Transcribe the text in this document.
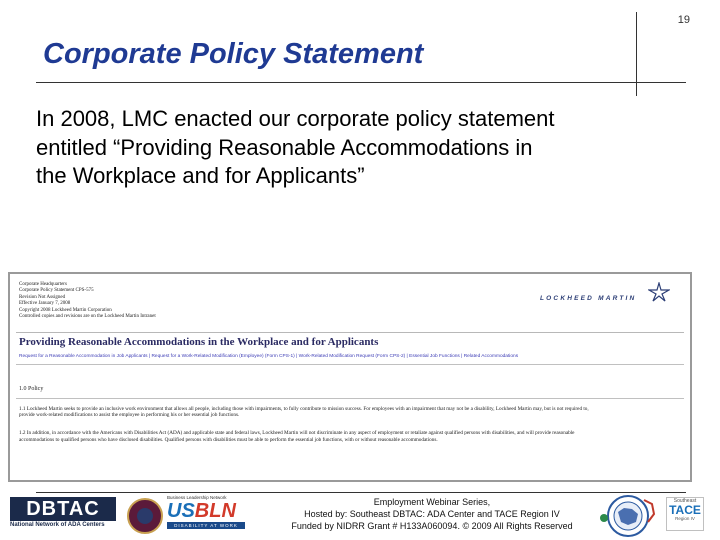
19
Corporate Policy Statement
In 2008, LMC enacted our corporate policy statement
entitled “Providing Reasonable Accommodations in
the Workplace and for Applicants”
Corporate Headquarters
Corporate Policy Statement CPS-575
Revision Not Assigned
Effective January 7, 2008
Copyright 2008 Lockheed Martin Corporation
Controlled copies and revisions are on the Lockheed Martin Intranet
LOCKHEED MARTIN
Providing Reasonable Accommodations in the Workplace and for Applicants
Request for a Reasonable Accommodation in Job Applicants | Request for a Work-Related Modification (Employee) (Form CPS-1) | Work-Related Modification Request (Form CPS-2) | Essential Job Functions | Related Accommodations
1.0 Policy
1.1 Lockheed Martin seeks to provide an inclusive work environment that allows all people, including those with impairments, to fully contribute to mission success. For employees with an impairment that may not be a disability, Lockheed Martin may, but is not required to,
provide work-related modifications to assist the employee in performing his or her essential job functions.
1.2 In addition, in accordance with the Americans with Disabilities Act (ADA) and applicable state and federal laws, Lockheed Martin will not discriminate in any aspect of employment or retaliate against qualified persons with disabilities, and will provide reasonable
accommodations to qualified persons who have disclosed disabilities. Qualified persons with disabilities must be able to perform the essential job functions, with or without reasonable accommodations.
DBTAC
National Network of ADA Centers
Business Leadership Network
USBLN
DISABILITY AT WORK
Employment Webinar Series,
Hosted by: Southeast DBTAC: ADA Center and TACE Region IV
Funded by NIDRR Grant # H133A060094. © 2009 All Rights Reserved
Southeast
TACE
Region IV
